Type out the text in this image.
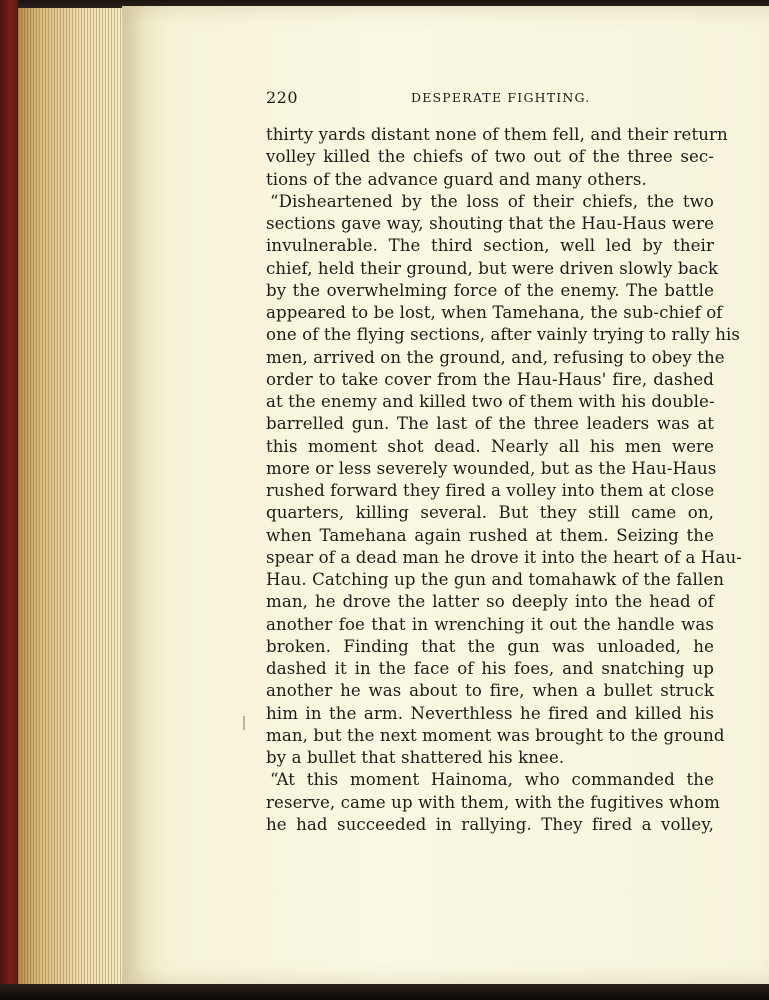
220	DESPERATE FIGHTING.
thirty yards distant none of them fell, and their return
volley killed the chiefs of two out of the three sec-
tions of the advance guard and many others.
“Disheartened by the loss of their chiefs, the two
sections gave way, shouting that the Hau-Haus were
invulnerable. The third section, well led by their
chief, held their ground, but were driven slowly back
by the overwhelming force of the enemy. The battle
appeared to be lost, when Tamehana, the sub-chief of
one of the flying sections, after vainly trying to rally his
men, arrived on the ground, and, refusing to obey the
order to take cover from the Hau-Haus' fire, dashed
at the enemy and killed two of them with his double-
barrelled gun. The last of the three leaders was at
this moment shot dead. Nearly all his men were
more or less severely wounded, but as the Hau-Haus
rushed forward they fired a volley into them at close
quarters, killing several. But they still came on,
when Tamehana again rushed at them. Seizing the
spear of a dead man he drove it into the heart of a Hau-
Hau. Catching up the gun and tomahawk of the fallen
man, he drove the latter so deeply into the head of
another foe that in wrenching it out the handle was
broken. Finding that the gun was unloaded, he
dashed it in the face of his foes, and snatching up
another he was about to fire, when a bullet struck
him in the arm. Neverthless he fired and killed his
man, but the next moment was brought to the ground
by a bullet that shattered his knee.
“At this moment Hainoma, who commanded the
reserve, came up with them, with the fugitives whom
he had succeeded in rallying. They fired a volley,
